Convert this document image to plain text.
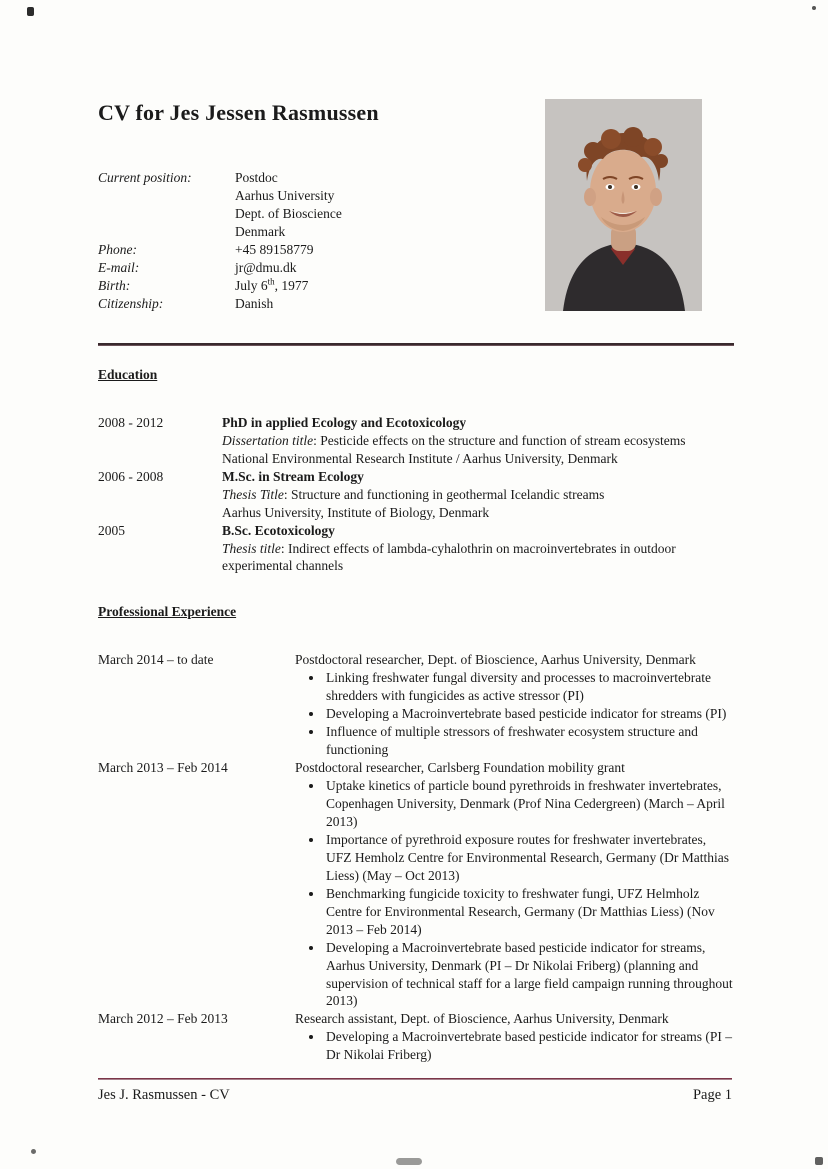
CV for Jes Jessen Rasmussen
Current position:	Postdoc
Aarhus University
Dept. of Bioscience
Denmark
Phone:	+45 89158779
E-mail:	jr@dmu.dk
Birth:	July 6th, 1977
Citizenship:	Danish
Education
2008 - 2012	PhD in applied Ecology and Ecotoxicology
Dissertation title: Pesticide effects on the structure and function of stream ecosystems
National Environmental Research Institute / Aarhus University, Denmark
2006 - 2008	M.Sc. in Stream Ecology
Thesis Title: Structure and functioning in geothermal Icelandic streams
Aarhus University, Institute of Biology, Denmark
2005	B.Sc. Ecotoxicology
Thesis title: Indirect effects of lambda-cyhalothrin on macroinvertebrates in outdoor experimental channels
Professional Experience
March 2014 – to date	Postdoctoral researcher, Dept. of Bioscience, Aarhus University, Denmark
• Linking freshwater fungal diversity and processes to macroinvertebrate shredders with fungicides as active stressor (PI)
• Developing a Macroinvertebrate based pesticide indicator for streams (PI)
• Influence of multiple stressors of freshwater ecosystem structure and functioning
March 2013 – Feb 2014	Postdoctoral researcher, Carlsberg Foundation mobility grant
• Uptake kinetics of particle bound pyrethroids in freshwater invertebrates, Copenhagen University, Denmark (Prof Nina Cedergreen) (March – April 2013)
• Importance of pyrethroid exposure routes for freshwater invertebrates, UFZ Hemholz Centre for Environmental Research, Germany (Dr Matthias Liess) (May – Oct 2013)
• Benchmarking fungicide toxicity to freshwater fungi, UFZ Helmholz Centre for Environmental Research, Germany (Dr Matthias Liess) (Nov 2013 – Feb 2014)
• Developing a Macroinvertebrate based pesticide indicator for streams, Aarhus University, Denmark (PI – Dr Nikolai Friberg) (planning and supervision of technical staff for a large field campaign running throughout 2013)
March 2012 – Feb 2013	Research assistant, Dept. of Bioscience, Aarhus University, Denmark
• Developing a Macroinvertebrate based pesticide indicator for streams (PI – Dr Nikolai Friberg)
Jes J. Rasmussen - CV	Page 1
